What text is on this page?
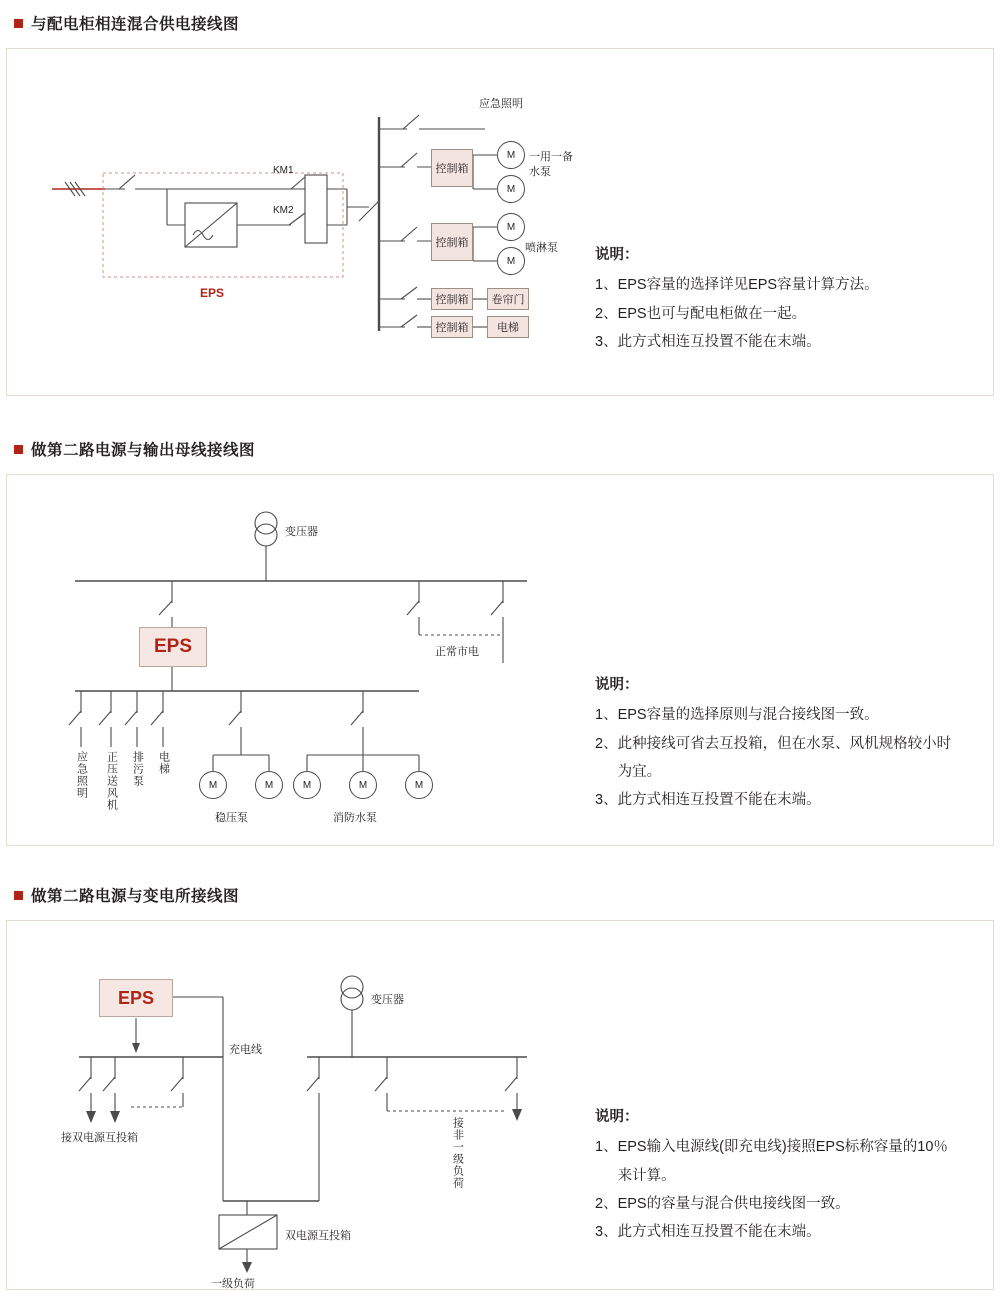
与配电柜相连混合供电接线图
EPS
KM1
KM2
控制箱
控制箱
控制箱
控制箱
卷帘门
电梯
M
M
M
M
应急照明
一用一备
水泵
喷淋泵	说明：
1、 EPS容量的选择详见EPS容量计算方法。
2、 EPS也可与配电柜做在一起。
3、 此方式相连互投置不能在末端。
做第二路电源与输出母线接线图
EPS
变压器
正常市电
应急照明 正压送风机 排污泵 电梯
M	M
稳压泵
M	M	M
消防水泵
说明：
1、 EPS容量的选择原则与混合接线图一致。
2、 此种接线可省去互投箱，但在水泵、风机规格较小时为宜。
3、 此方式相连互投置不能在末端。
做第二路电源与变电所接线图
EPS
充电线
变压器
接双电源互投箱	接非一级负荷
双电源互投箱
一级负荷
说明：
1、 EPS输入电源线(即充电线)接照EPS标称容量的10％来计算。
2、 EPS的容量与混合供电接线图一致。
3、 此方式相连互投置不能在末端。
